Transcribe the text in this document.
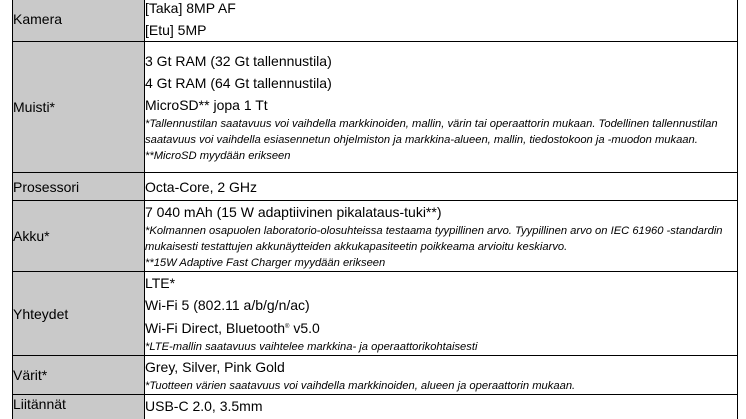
Kamera	[Taka] 8MP AF
[Etu] 5MP

Muisti*	3 Gt RAM (32 Gt tallennustila)
4 Gt RAM (64 Gt tallennustila)
MicroSD** jopa 1 Tt
*Tallennustilan saatavuus voi vaihdella markkinoiden, mallin, värin tai operaattorin mukaan. Todellinen tallennustilan saatavuus voi vaihdella esiasennetun ohjelmiston ja markkina-alueen, mallin, tiedostokoon ja -muodon mukaan.
**MicroSD myydään erikseen

Prosessori	Octa-Core, 2 GHz

Akku*	7 040 mAh (15 W adaptiivinen pikalataus-tuki**)
*Kolmannen osapuolen laboratorio-olosuhteissa testaama tyypillinen arvo. Tyypillinen arvo on IEC 61960 -standardin mukaisesti testattujen akkunäytteiden akkukapasiteetin poikkeama arvioitu keskiarvo.
**15W Adaptive Fast Charger myydään erikseen

Yhteydet	LTE*
Wi-Fi 5 (802.11 a/b/g/n/ac)
Wi-Fi Direct, Bluetooth® v5.0
*LTE-mallin saatavuus vaihtelee markkina- ja operaattorikohtaisesti

Värit*	Grey, Silver, Pink Gold
*Tuotteen värien saatavuus voi vaihdella markkinoiden, alueen ja operaattorin mukaan.

Liitännät	USB-C 2.0, 3.5mm
